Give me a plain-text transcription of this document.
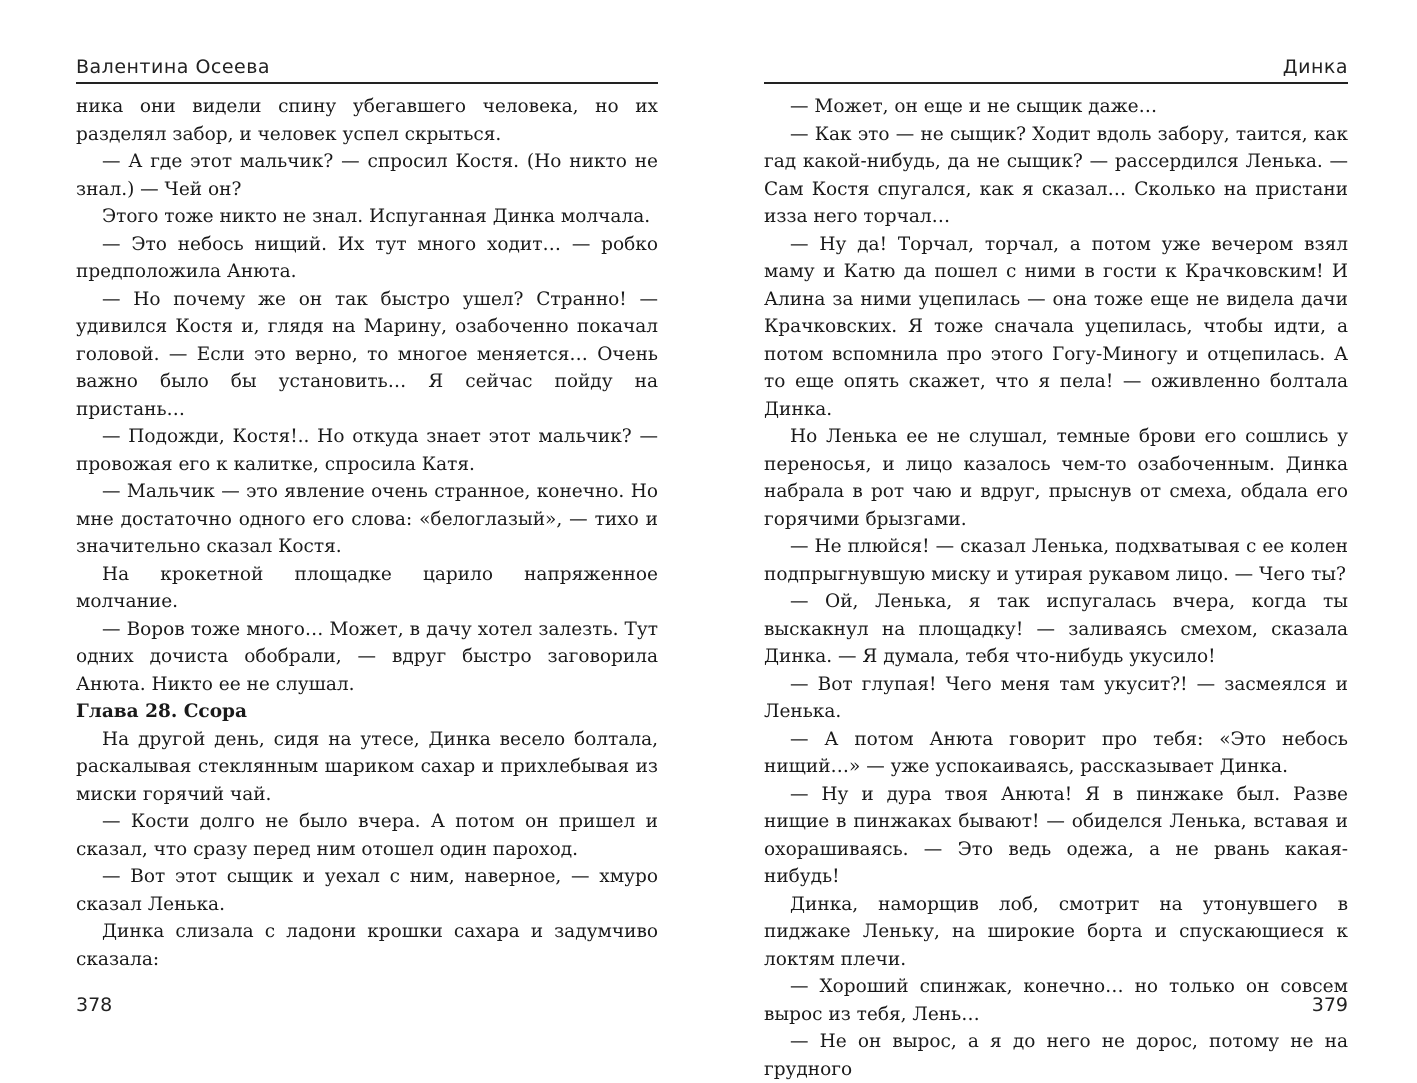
Валентина Осеева

ника они видели спину убегавшего человека, но их разделял забор, и человек успел скрыться.

— А где этот мальчик? — спросил Костя. (Но никто не знал.) — Чей он?

Этого тоже никто не знал. Испуганная Динка молчала.

— Это небось нищий. Их тут много ходит… — робко предположила Анюта.

— Но почему же он так быстро ушел? Странно! — удивился Костя и, глядя на Марину, озабоченно покачал головой. — Если это верно, то многое меняется… Очень важно было бы установить… Я сейчас пойду на пристань…

— Подожди, Костя!.. Но откуда знает этот мальчик? — провожая его к калитке, спросила Катя.

— Мальчик — это явление очень странное, конечно. Но мне достаточно одного его слова: «белоглазый», — тихо и значительно сказал Костя.

На крокетной площадке царило напряженное молчание.

— Воров тоже много… Может, в дачу хотел залезть. Тут одних дочиста обобрали, — вдруг быстро заговорила Анюта. Никто ее не слушал.

Глава 28. Ссора

На другой день, сидя на утесе, Динка весело болтала, раскалывая стеклянным шариком сахар и прихлебывая из миски горячий чай.

— Кости долго не было вчера. А потом он пришел и сказал, что сразу перед ним отошел один пароход.

— Вот этот сыщик и уехал с ним, наверное, — хмуро сказал Ленька.

Динка слизала с ладони крошки сахара и задумчиво сказала:

378
Динка

— Может, он еще и не сыщик даже…

— Как это — не сыщик? Ходит вдоль забору, таится, как гад какой-нибудь, да не сыщик? — рассердился Ленька. — Сам Костя спугался, как я сказал… Сколько на пристани изза него торчал…

— Ну да! Торчал, торчал, а потом уже вечером взял маму и Катю да пошел с ними в гости к Крачковским! И Алина за ними уцепилась — она тоже еще не видела дачи Крачковских. Я тоже сначала уцепилась, чтобы идти, а потом вспомнила про этого Гогу-Миногу и отцепилась. А то еще опять скажет, что я пела! — оживленно болтала Динка.

Но Ленька ее не слушал, темные брови его сошлись у переносья, и лицо казалось чем-то озабоченным. Динка набрала в рот чаю и вдруг, прыснув от смеха, обдала его горячими брызгами.

— Не плюйся! — сказал Ленька, подхватывая с ее колен подпрыгнувшую миску и утирая рукавом лицо. — Чего ты?

— Ой, Ленька, я так испугалась вчера, когда ты выскакнул на площадку! — заливаясь смехом, сказала Динка. — Я думала, тебя что-нибудь укусило!

— Вот глупая! Чего меня там укусит?! — засмеялся и Ленька.

— А потом Анюта говорит про тебя: «Это небось нищий…» — уже успокаиваясь, рассказывает Динка.

— Ну и дура твоя Анюта! Я в пинжаке был. Разве нищие в пинжаках бывают! — обиделся Ленька, вставая и охорашиваясь. — Это ведь одежа, а не рвань какая-нибудь!

Динка, наморщив лоб, смотрит на утонувшего в пиджаке Леньку, на широкие борта и спускающиеся к локтям плечи.

— Хороший спинжак, конечно… но только он совсем вырос из тебя, Лень…

— Не он вырос, а я до него не дорос, потому не на грудного

379
